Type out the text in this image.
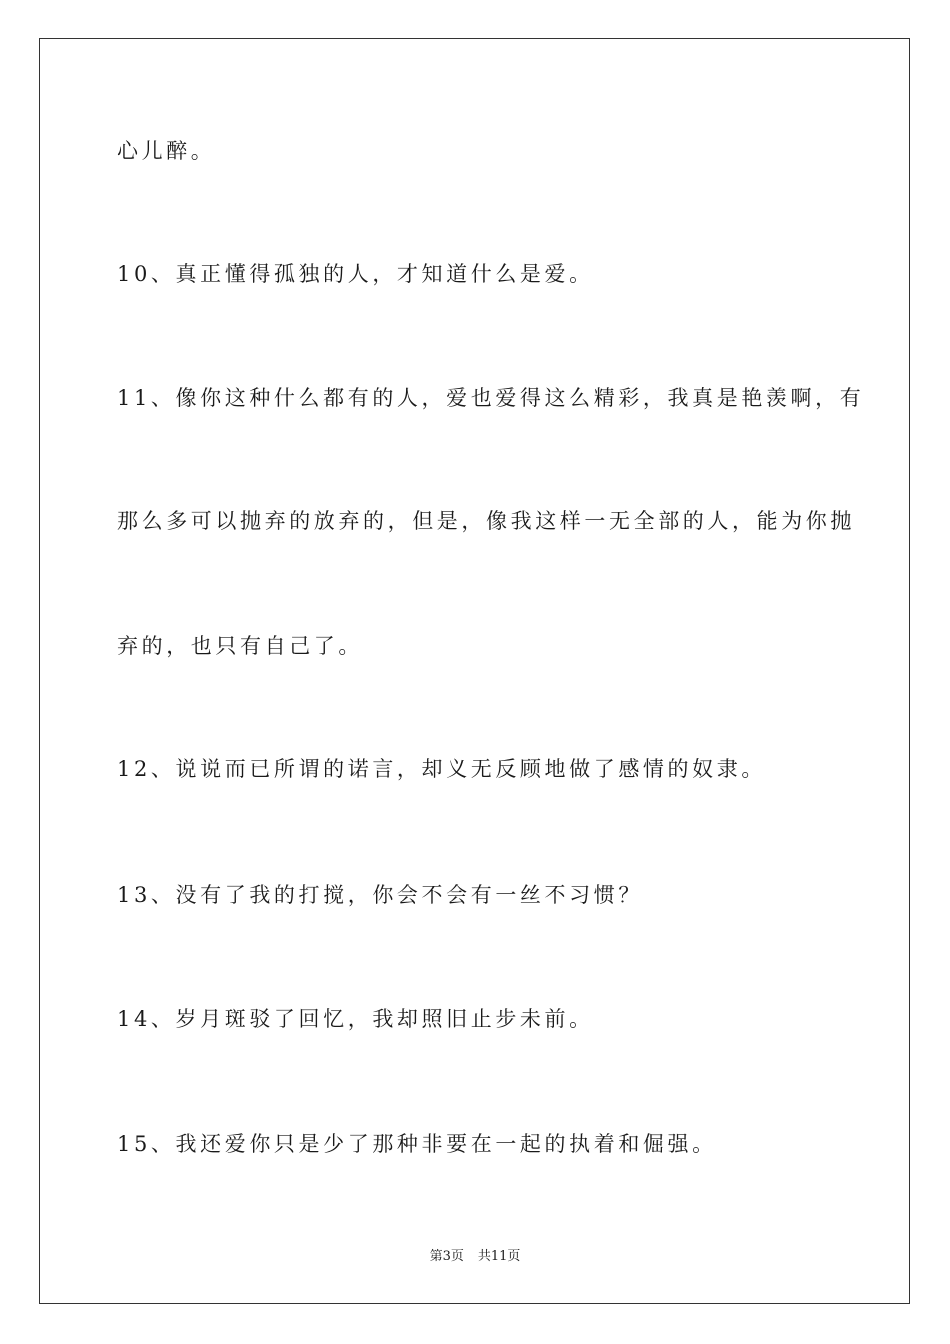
心儿醉。
10、真正懂得孤独的人，才知道什么是爱。
11、像你这种什么都有的人，爱也爱得这么精彩，我真是艳羡啊，有
那么多可以抛弃的放弃的，但是，像我这样一无全部的人，能为你抛
弃的，也只有自己了。
12、说说而已所谓的诺言，却义无反顾地做了感情的奴隶。
13、没有了我的打搅，你会不会有一丝不习惯？
14、岁月斑驳了回忆，我却照旧止步未前。
15、我还爱你只是少了那种非要在一起的执着和倔强。
第3页 共11页
